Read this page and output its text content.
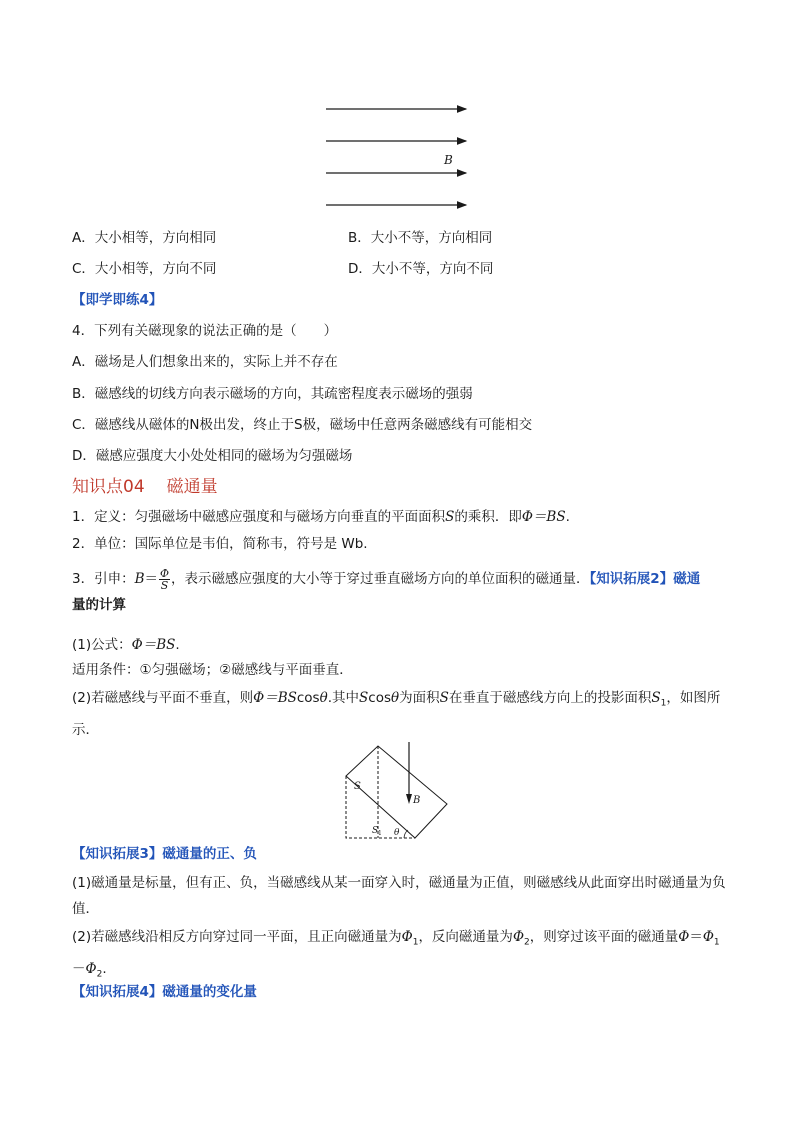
B
A．大小相等，方向相同	B．大小不等，方向相同
C．大小相等，方向不同	D．大小不等，方向不同
【即学即练4】
4．下列有关磁现象的说法正确的是（　　）
A．磁场是人们想象出来的，实际上并不存在
B．磁感线的切线方向表示磁场的方向，其疏密程度表示磁场的强弱
C．磁感线从磁体的N极出发，终止于S极，磁场中任意两条磁感线有可能相交
D．磁感应强度大小处处相同的磁场为匀强磁场
知识点04 磁通量
1．定义：匀强磁场中磁感应强度和与磁场方向垂直的平面面积S的乘积．即Φ＝BS.
2．单位：国际单位是韦伯，简称韦，符号是 Wb.
3．引申：$B= \frac{\Phi}{S}$ ，表示磁感应强度的大小等于穿过垂直磁场方向的单位面积的磁通量．【知识拓展2】磁通
量的计算
(1)公式：Φ＝BS.
适用条件：①匀强磁场；②磁感线与平面垂直．
(2)若磁感线与平面不垂直，则Φ＝BScosθ.其中Scosθ为面积S在垂直于磁感线方向上的投影面积$S_1$，如图所示．
S
B
S 1 θ
【知识拓展3】磁通量的正、负
(1)磁通量是标量，但有正、负，当磁感线从某一面穿入时，磁通量为正值，则磁感线从此面穿出时磁通量为负值．
(2)若磁感线沿相反方向穿过同一平面，且正向磁通量为$\Phi_1$，反向磁通量为$\Phi_2$，则穿过该平面的磁通量$\Phi=\Phi_1-\Phi_2$.
【知识拓展4】磁通量的变化量
